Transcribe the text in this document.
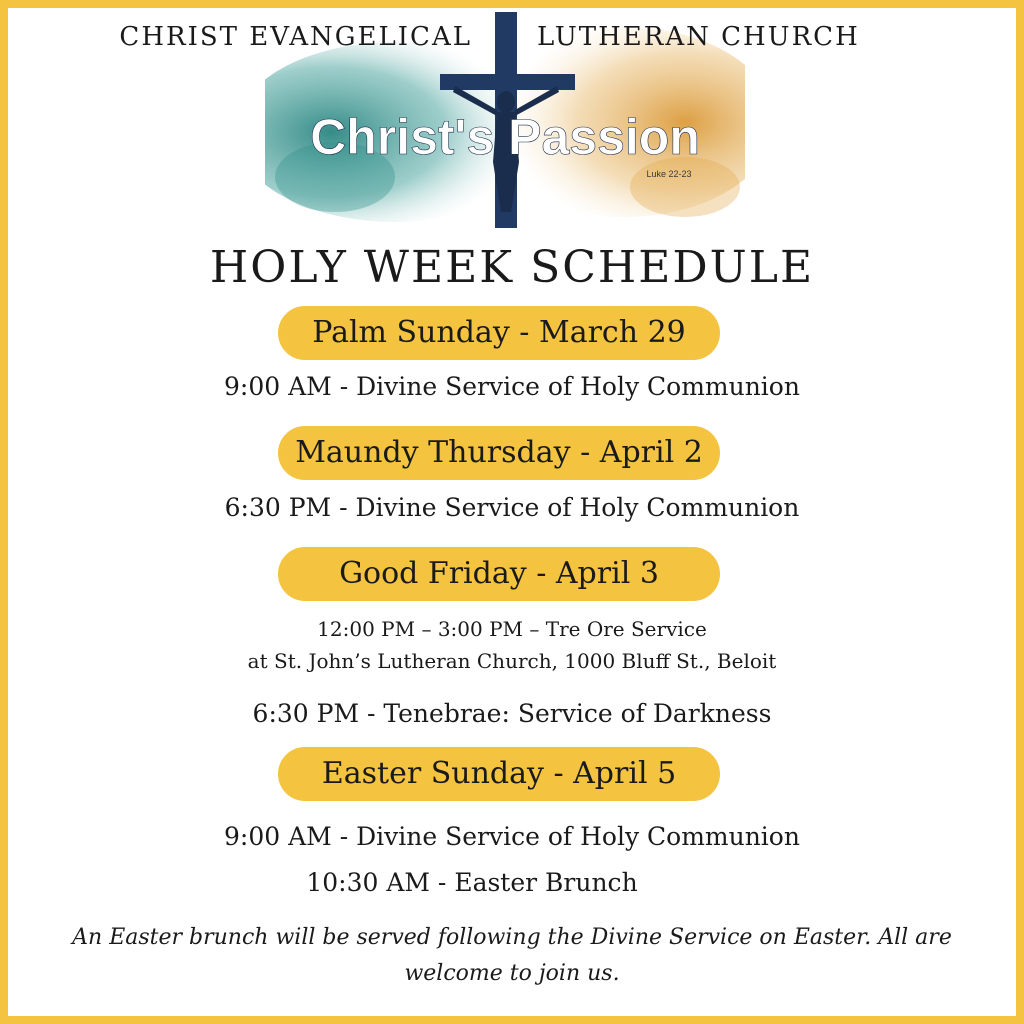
Christ's Passion
Luke 22-23
CHRIST EVANGELICAL	LUTHERAN CHURCH
HOLY WEEK SCHEDULE
Palm Sunday - March 29
9:00 AM - Divine Service of Holy Communion
Maundy Thursday - April 2
6:30 PM - Divine Service of Holy Communion
Good Friday - April 3
12:00 PM – 3:00 PM – Tre Ore Service
at St. John’s Lutheran Church, 1000 Bluff St., Beloit
6:30 PM - Tenebrae: Service of Darkness
Easter Sunday - April 5
9:00 AM - Divine Service of Holy Communion
10:30 AM - Easter Brunch
An Easter brunch will be served following the Divine Service on Easter. All are
welcome to join us.
